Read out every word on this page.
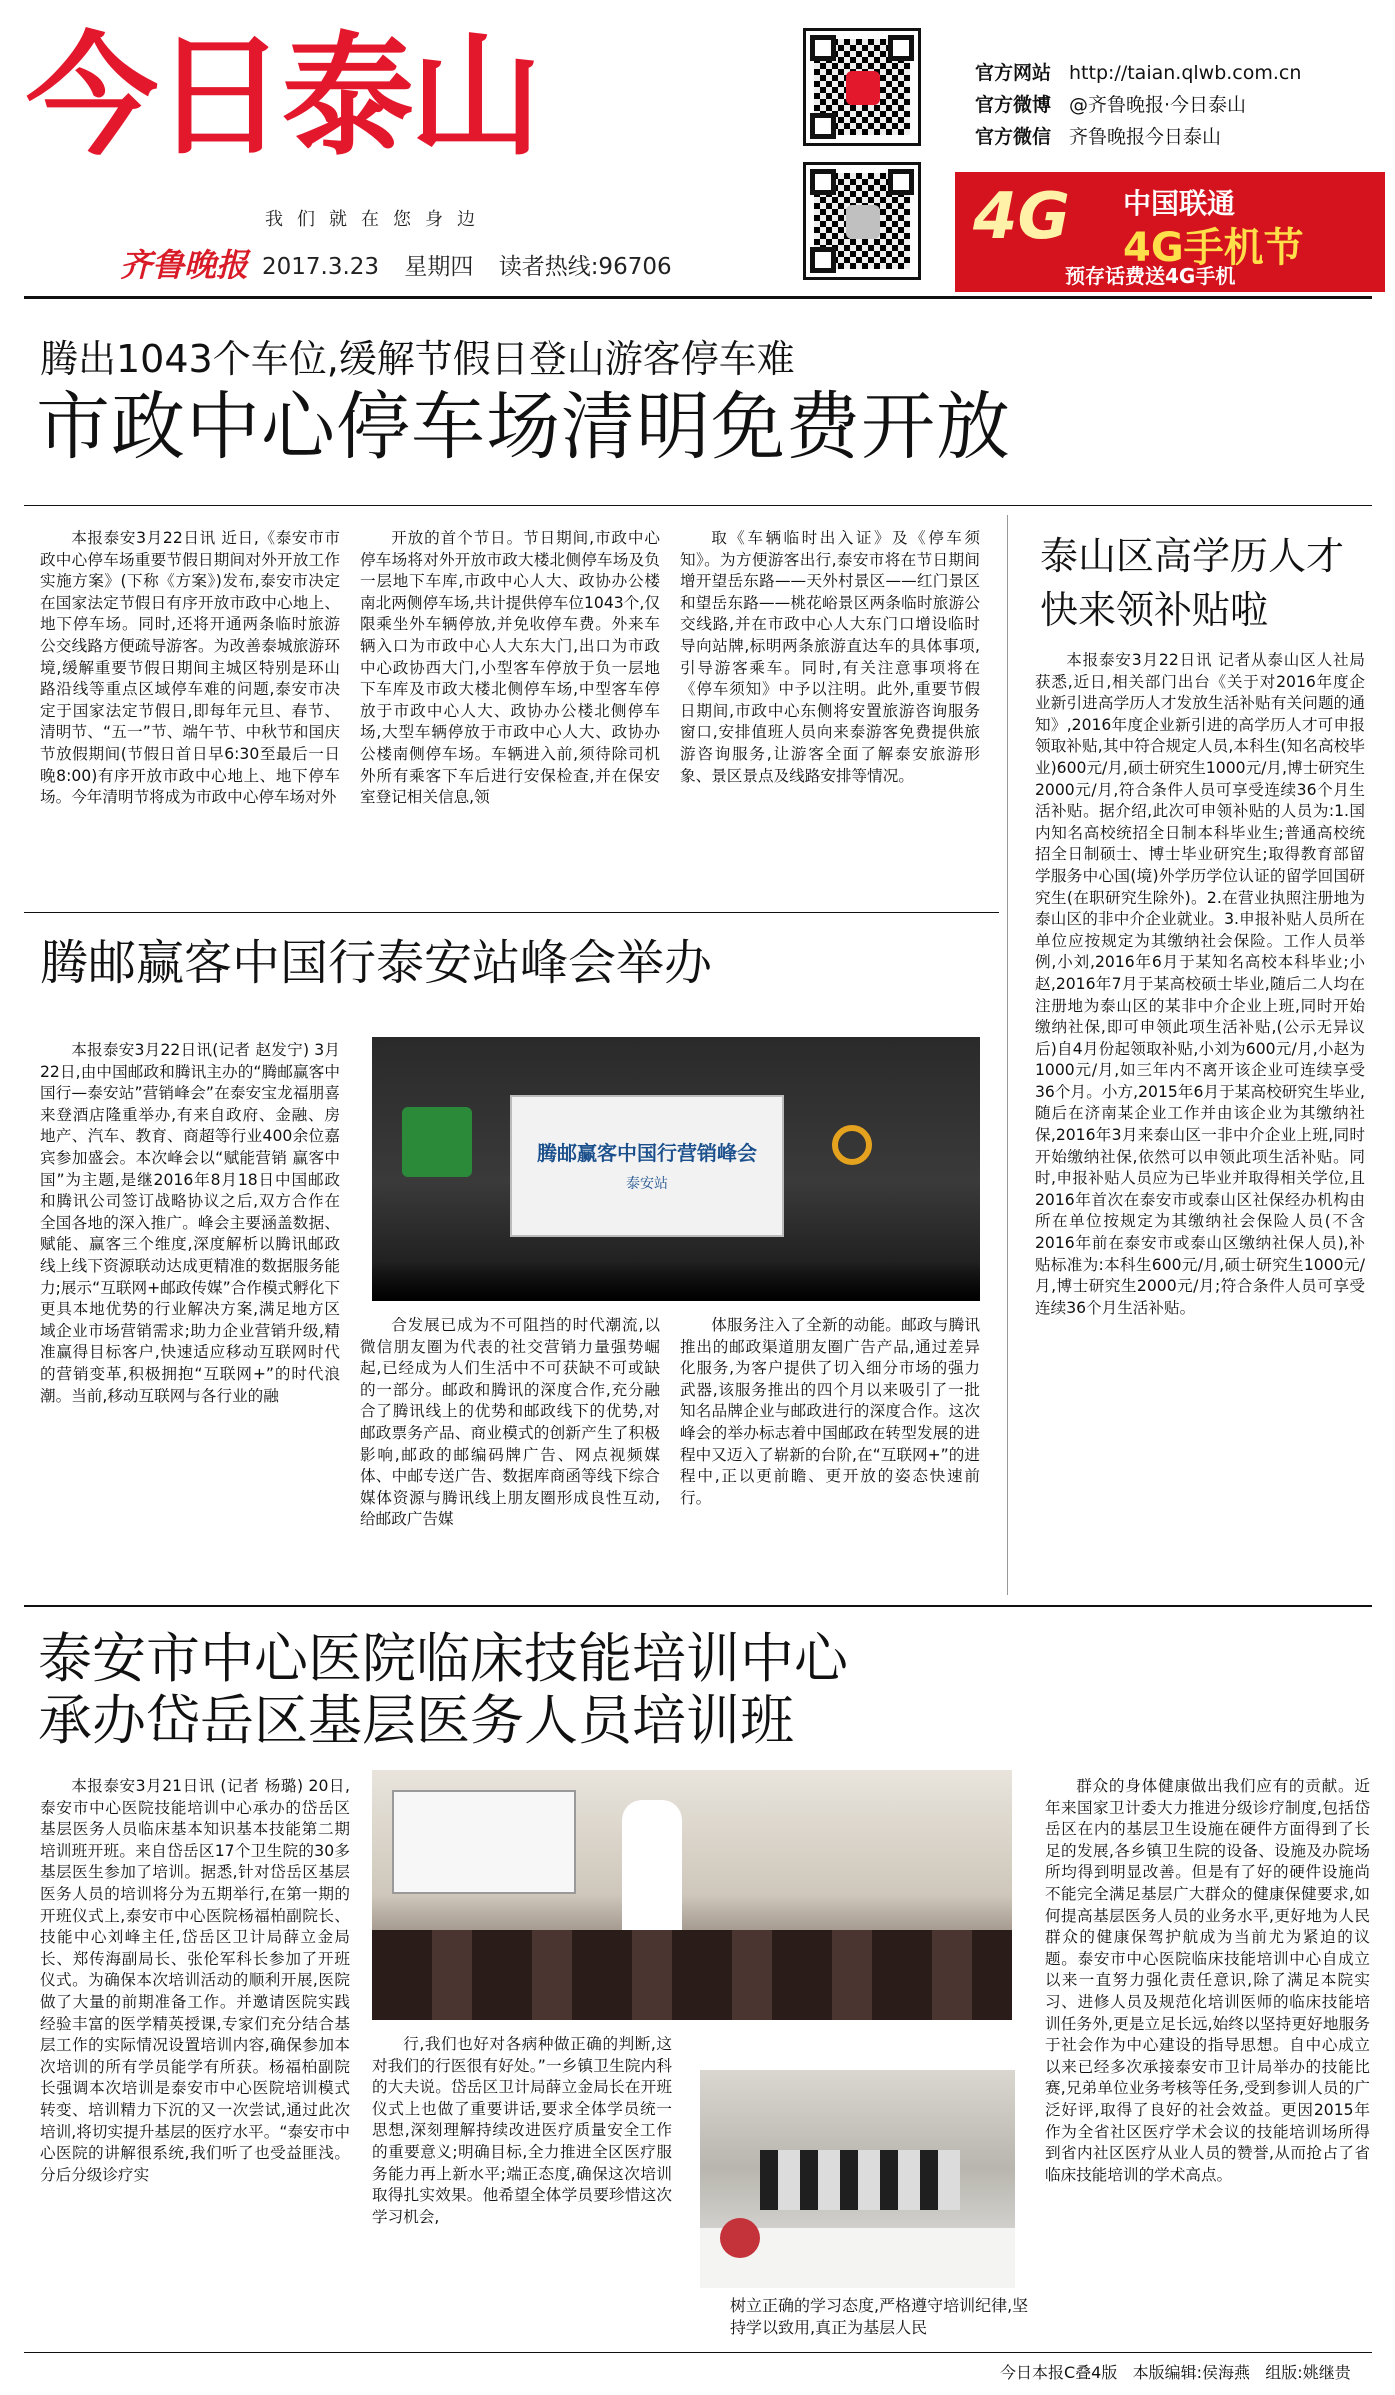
今日泰山
我们就在您身边
齐鲁晚报 2017.3.23 星期四 读者热线:96706
官方网站 http://taian.qlwb.com.cn
官方微博 @齐鲁晚报·今日泰山
官方微信 齐鲁晚报今日泰山
4G 中国联通
4G手机节
预存话费送4G手机
腾出1043个车位,缓解节假日登山游客停车难
市政中心停车场清明免费开放

本报泰安3月22日讯 近日,《泰安市市政中心停车场重要节假日期间对外开放工作实施方案》(下称《方案》)发布,泰安市决定在国家法定节假日有序开放市政中心地上、地下停车场。同时,还将开通两条临时旅游公交线路方便疏导游客。为改善泰城旅游环境,缓解重要节假日期间主城区特别是环山路沿线等重点区域停车难的问题,泰安市决定于国家法定节假日,即每年元旦、春节、清明节、“五一”节、端午节、中秋节和国庆节放假期间(节假日首日早6:30至最后一日晚8:00)有序开放市政中心地上、地下停车场。今年清明节将成为市政中心停车场对外

开放的首个节日。节日期间,市政中心停车场将对外开放市政大楼北侧停车场及负一层地下车库,市政中心人大、政协办公楼南北两侧停车场,共计提供停车位1043个,仅限乘坐外车辆停放,并免收停车费。外来车辆入口为市政中心人大东大门,出口为市政中心政协西大门,小型客车停放于负一层地下车库及市政大楼北侧停车场,中型客车停放于市政中心人大、政协办公楼北侧停车场,大型车辆停放于市政中心人大、政协办公楼南侧停车场。车辆进入前,须待除司机外所有乘客下车后进行安保检查,并在保安室登记相关信息,领

取《车辆临时出入证》及《停车须知》。为方便游客出行,泰安市将在节日期间增开望岳东路——天外村景区——红门景区和望岳东路——桃花峪景区两条临时旅游公交线路,并在市政中心人大东门口增设临时导向站牌,标明两条旅游直达车的具体事项,引导游客乘车。同时,有关注意事项将在《停车须知》中予以注明。此外,重要节假日期间,市政中心东侧将安置旅游咨询服务窗口,安排值班人员向来泰游客免费提供旅游咨询服务,让游客全面了解泰安旅游形象、景区景点及线路安排等情况。

泰山区高学历人才
快来领补贴啦

本报泰安3月22日讯 记者从泰山区人社局获悉,近日,相关部门出台《关于对2016年度企业新引进高学历人才发放生活补贴有关问题的通知》,2016年度企业新引进的高学历人才可申报领取补贴,其中符合规定人员,本科生(知名高校毕业)600元/月,硕士研究生1000元/月,博士研究生2000元/月,符合条件人员可享受连续36个月生活补贴。据介绍,此次可申领补贴的人员为:1.国内知名高校统招全日制本科毕业生;普通高校统招全日制硕士、博士毕业研究生;取得教育部留学服务中心国(境)外学历学位认证的留学回国研究生(在职研究生除外)。2.在营业执照注册地为泰山区的非中介企业就业。3.申报补贴人员所在单位应按规定为其缴纳社会保险。工作人员举例,小刘,2016年6月于某知名高校本科毕业;小赵,2016年7月于某高校硕士毕业,随后二人均在注册地为泰山区的某非中介企业上班,同时开始缴纳社保,即可申领此项生活补贴,(公示无异议后)自4月份起领取补贴,小刘为600元/月,小赵为1000元/月,如三年内不离开该企业可连续享受36个月。小方,2015年6月于某高校研究生毕业,随后在济南某企业工作并由该企业为其缴纳社保,2016年3月来泰山区一非中介企业上班,同时开始缴纳社保,依然可以申领此项生活补贴。同时,申报补贴人员应为已毕业并取得相关学位,且2016年首次在泰安市或泰山区社保经办机构由所在单位按规定为其缴纳社会保险人员(不含2016年前在泰安市或泰山区缴纳社保人员),补贴标准为:本科生600元/月,硕士研究生1000元/月,博士研究生2000元/月;符合条件人员可享受连续36个月生活补贴。

腾邮赢客中国行泰安站峰会举办

本报泰安3月22日讯(记者 赵发宁) 3月22日,由中国邮政和腾讯主办的“腾邮赢客中国行—泰安站”营销峰会”在泰安宝龙福朋喜来登酒店隆重举办,有来自政府、金融、房地产、汽车、教育、商超等行业400余位嘉宾参加盛会。本次峰会以“赋能营销 赢客中国”为主题,是继2016年8月18日中国邮政和腾讯公司签订战略协议之后,双方合作在全国各地的深入推广。峰会主要涵盖数据、赋能、赢客三个维度,深度解析以腾讯邮政线上线下资源联动达成更精准的数据服务能力;展示“互联网+邮政传媒”合作模式孵化下更具本地优势的行业解决方案,满足地方区域企业市场营销需求;助力企业营销升级,精准赢得目标客户,快速适应移动互联网时代的营销变革,积极拥抱“互联网+”的时代浪潮。当前,移动互联网与各行业的融

腾邮赢客中国行营销峰会
泰安站

合发展已成为不可阻挡的时代潮流,以微信朋友圈为代表的社交营销力量强势崛起,已经成为人们生活中不可获缺不可或缺的一部分。邮政和腾讯的深度合作,充分融合了腾讯线上的优势和邮政线下的优势,对邮政票务产品、商业模式的创新产生了积极影响,邮政的邮编码牌广告、网点视频媒体、中邮专送广告、数据库商函等线下综合媒体资源与腾讯线上朋友圈形成良性互动,给邮政广告媒

体服务注入了全新的动能。邮政与腾讯推出的邮政渠道朋友圈广告产品,通过差异化服务,为客户提供了切入细分市场的强力武器,该服务推出的四个月以来吸引了一批知名品牌企业与邮政进行的深度合作。这次峰会的举办标志着中国邮政在转型发展的进程中又迈入了崭新的台阶,在“互联网+”的进程中,正以更前瞻、更开放的姿态快速前行。

泰安市中心医院临床技能培训中心
承办岱岳区基层医务人员培训班

本报泰安3月21日讯 (记者 杨璐) 20日,泰安市中心医院技能培训中心承办的岱岳区基层医务人员临床基本知识基本技能第二期培训班开班。来自岱岳区17个卫生院的30多基层医生参加了培训。据悉,针对岱岳区基层医务人员的培训将分为五期举行,在第一期的开班仪式上,泰安市中心医院杨福柏副院长、技能中心刘峰主任,岱岳区卫计局薛立金局长、郑传海副局长、张伦军科长参加了开班仪式。为确保本次培训活动的顺利开展,医院做了大量的前期准备工作。并邀请医院实践经验丰富的医学精英授课,专家们充分结合基层工作的实际情况设置培训内容,确保参加本次培训的所有学员能学有所获。杨福柏副院长强调本次培训是泰安市中心医院培训模式转变、培训精力下沉的又一次尝试,通过此次培训,将切实提升基层的医疗水平。“泰安市中心医院的讲解很系统,我们听了也受益匪浅。分后分级诊疗实

行,我们也好对各病种做正确的判断,这对我们的行医很有好处。”一乡镇卫生院内科的大夫说。岱岳区卫计局薛立金局长在开班仪式上也做了重要讲话,要求全体学员统一思想,深刻理解持续改进医疗质量安全工作的重要意义;明确目标,全力推进全区医疗服务能力再上新水平;端正态度,确保这次培训取得扎实效果。他希望全体学员要珍惜这次学习机会,

树立正确的学习态度,严格遵守培训纪律,坚持学以致用,真正为基层人民

群众的身体健康做出我们应有的贡献。近年来国家卫计委大力推进分级诊疗制度,包括岱岳区在内的基层卫生设施在硬件方面得到了长足的发展,各乡镇卫生院的设备、设施及办院场所均得到明显改善。但是有了好的硬件设施尚不能完全满足基层广大群众的健康保健要求,如何提高基层医务人员的业务水平,更好地为人民群众的健康保驾护航成为当前尤为紧迫的议题。泰安市中心医院临床技能培训中心自成立以来一直努力强化责任意识,除了满足本院实习、进修人员及规范化培训医师的临床技能培训任务外,更是立足长远,始终以坚持更好地服务于社会作为中心建设的指导思想。自中心成立以来已经多次承接泰安市卫计局举办的技能比赛,兄弟单位业务考核等任务,受到参训人员的广泛好评,取得了良好的社会效益。更因2015年作为全省社区医疗学术会议的技能培训场所得到省内社区医疗从业人员的赞誉,从而抢占了省临床技能培训的学术高点。

今日本报C叠4版 本版编辑:侯海燕 组版:姚继贵
